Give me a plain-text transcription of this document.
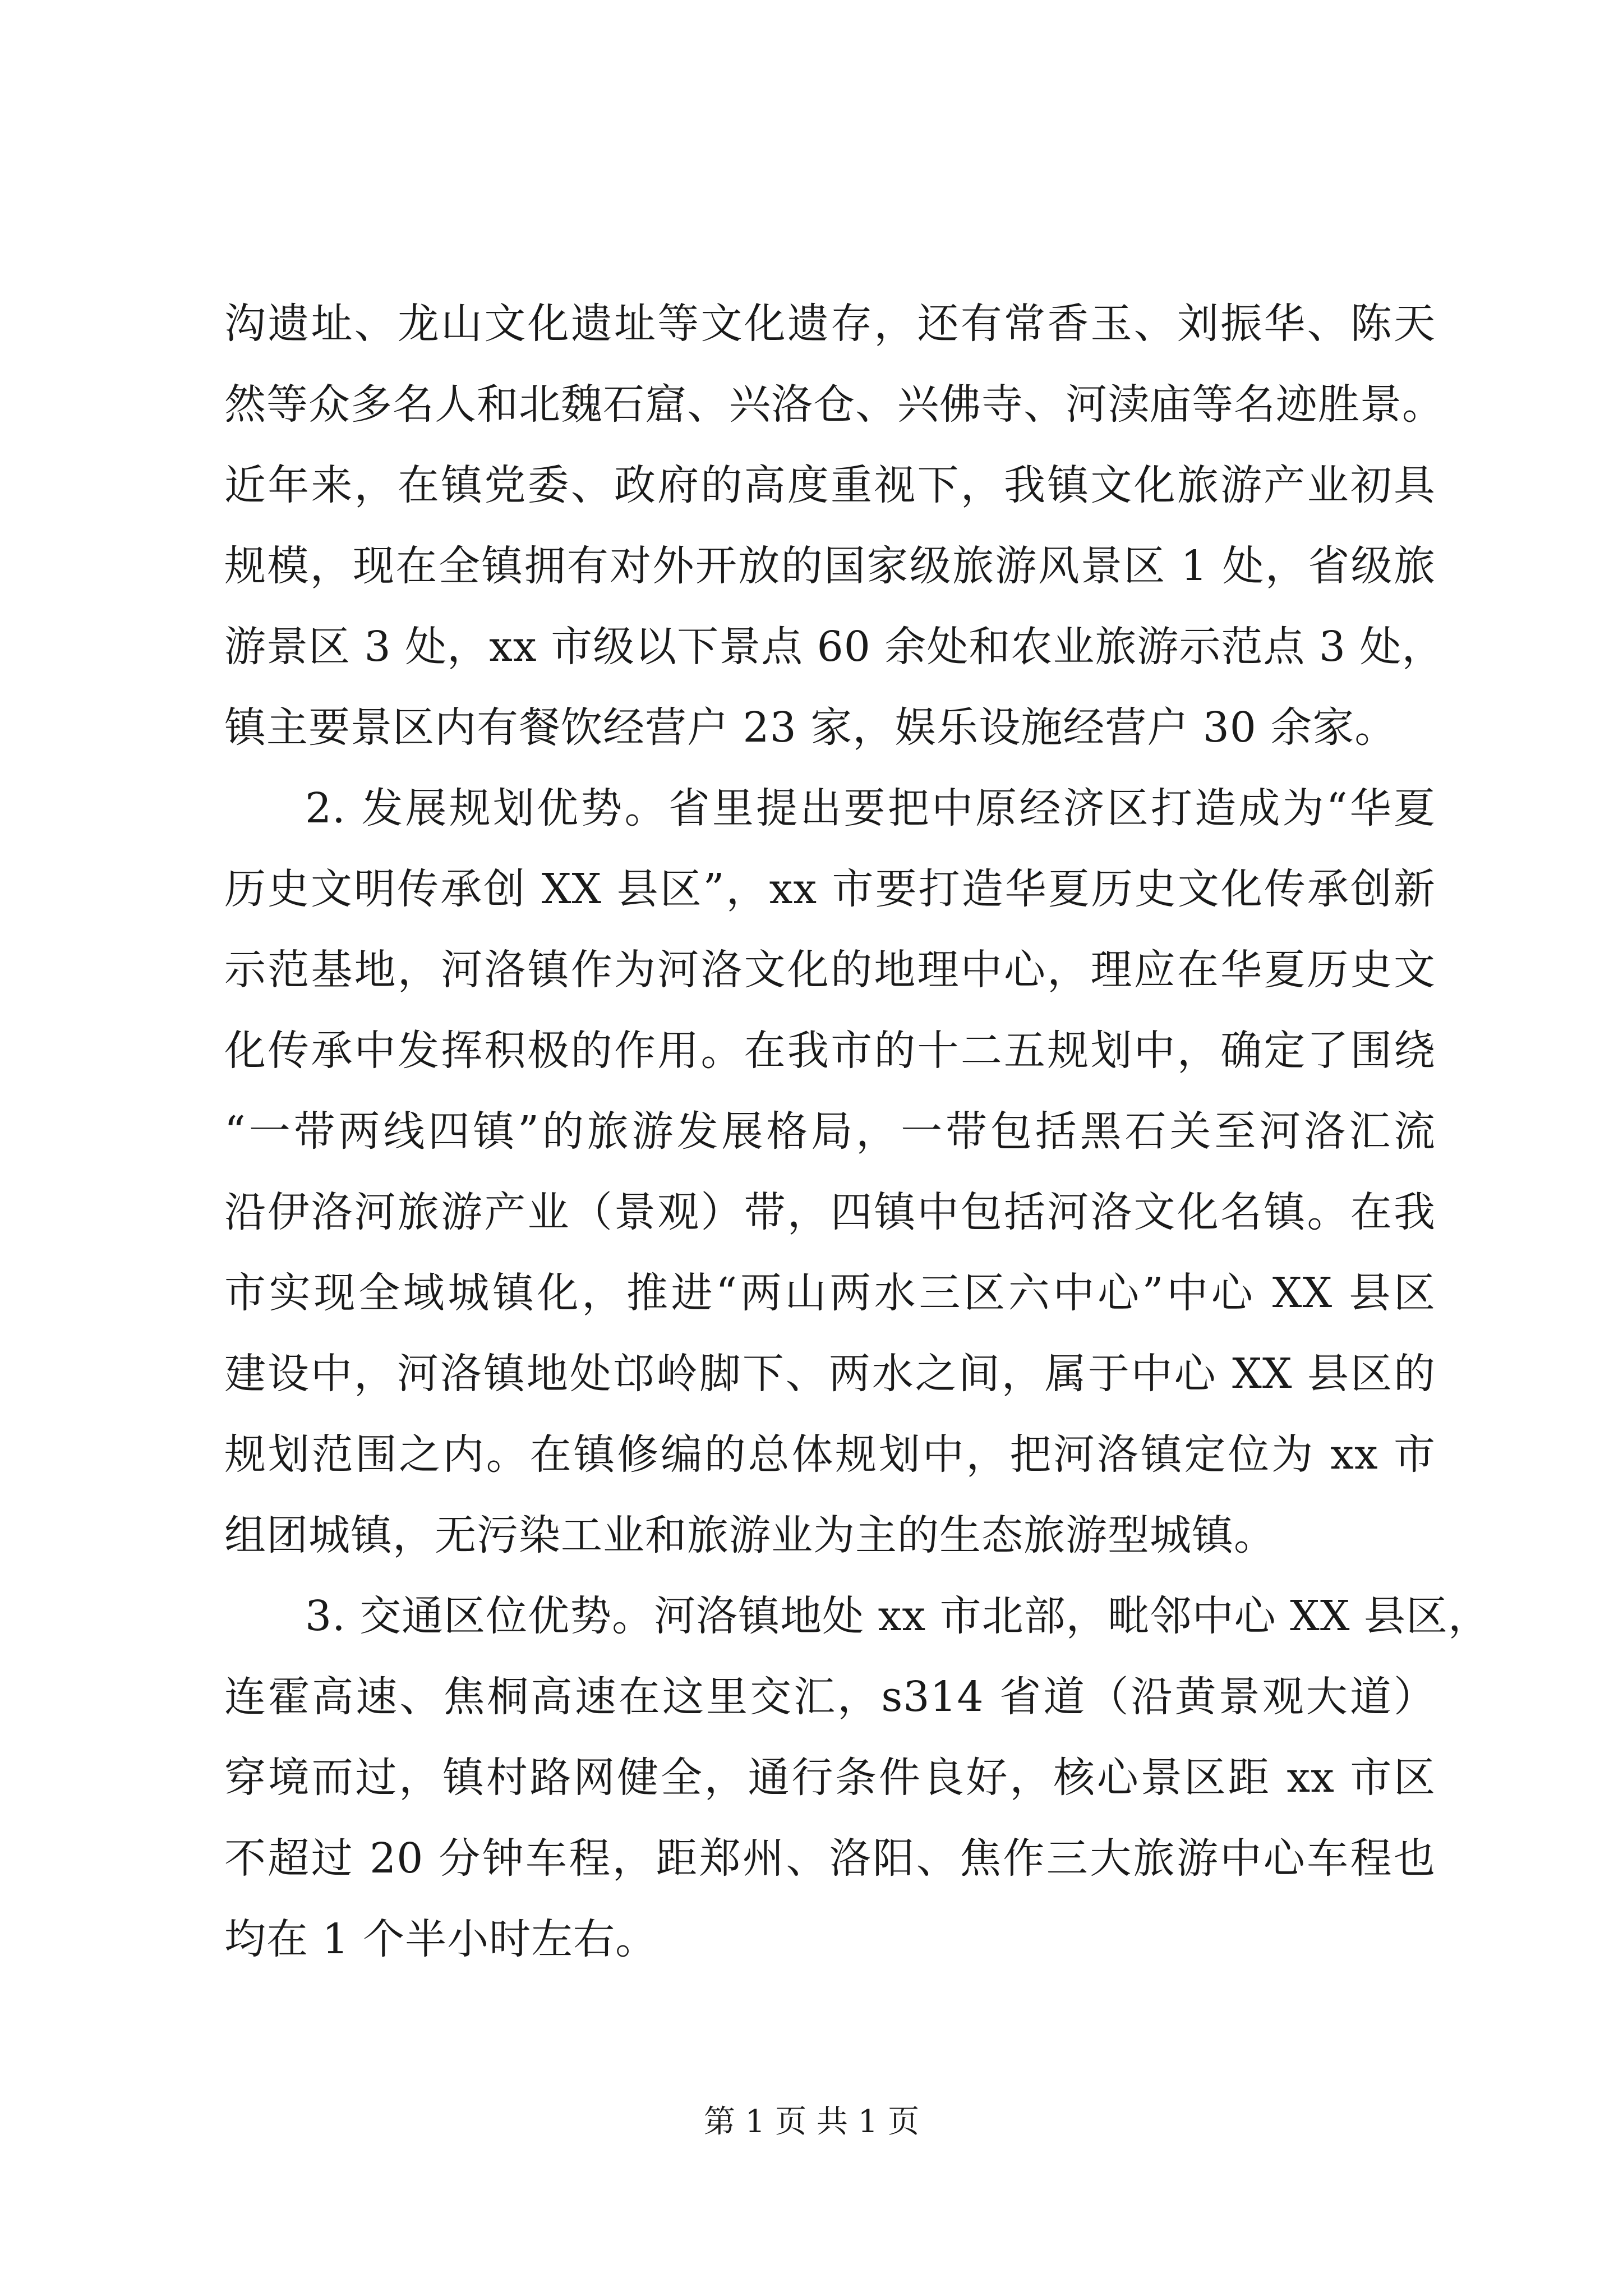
沟遗址、龙山文化遗址等文化遗存，还有常香玉、刘振华、陈天

然等众多名人和北魏石窟、兴洛仓、兴佛寺、河渎庙等名迹胜景。

近年来，在镇党委、政府的高度重视下，我镇文化旅游产业初具

规模，现在全镇拥有对外开放的国家级旅游风景区 1 处，省级旅

游景区 3 处，xx 市级以下景点 60 余处和农业旅游示范点 3 处，

镇主要景区内有餐饮经营户 23 家，娱乐设施经营户 30 余家。

2. 发展规划优势。省里提出要把中原经济区打造成为“华夏

历史文明传承创 XX 县区”，xx 市要打造华夏历史文化传承创新

示范基地，河洛镇作为河洛文化的地理中心，理应在华夏历史文

化传承中发挥积极的作用。在我市的十二五规划中，确定了围绕

“一带两线四镇”的旅游发展格局，一带包括黑石关至河洛汇流

沿伊洛河旅游产业（景观）带，四镇中包括河洛文化名镇。在我

市实现全域城镇化，推进“两山两水三区六中心”中心 XX 县区

建设中，河洛镇地处邙岭脚下、两水之间，属于中心 XX 县区的

规划范围之内。在镇修编的总体规划中，把河洛镇定位为 xx 市

组团城镇，无污染工业和旅游业为主的生态旅游型城镇。

3. 交通区位优势。河洛镇地处 xx 市北部，毗邻中心 XX 县区，

连霍高速、焦桐高速在这里交汇，s314 省道（沿黄景观大道）

穿境而过，镇村路网健全，通行条件良好，核心景区距 xx 市区

不超过 20 分钟车程，距郑州、洛阳、焦作三大旅游中心车程也

均在 1 个半小时左右。

第 1 页 共 1 页
